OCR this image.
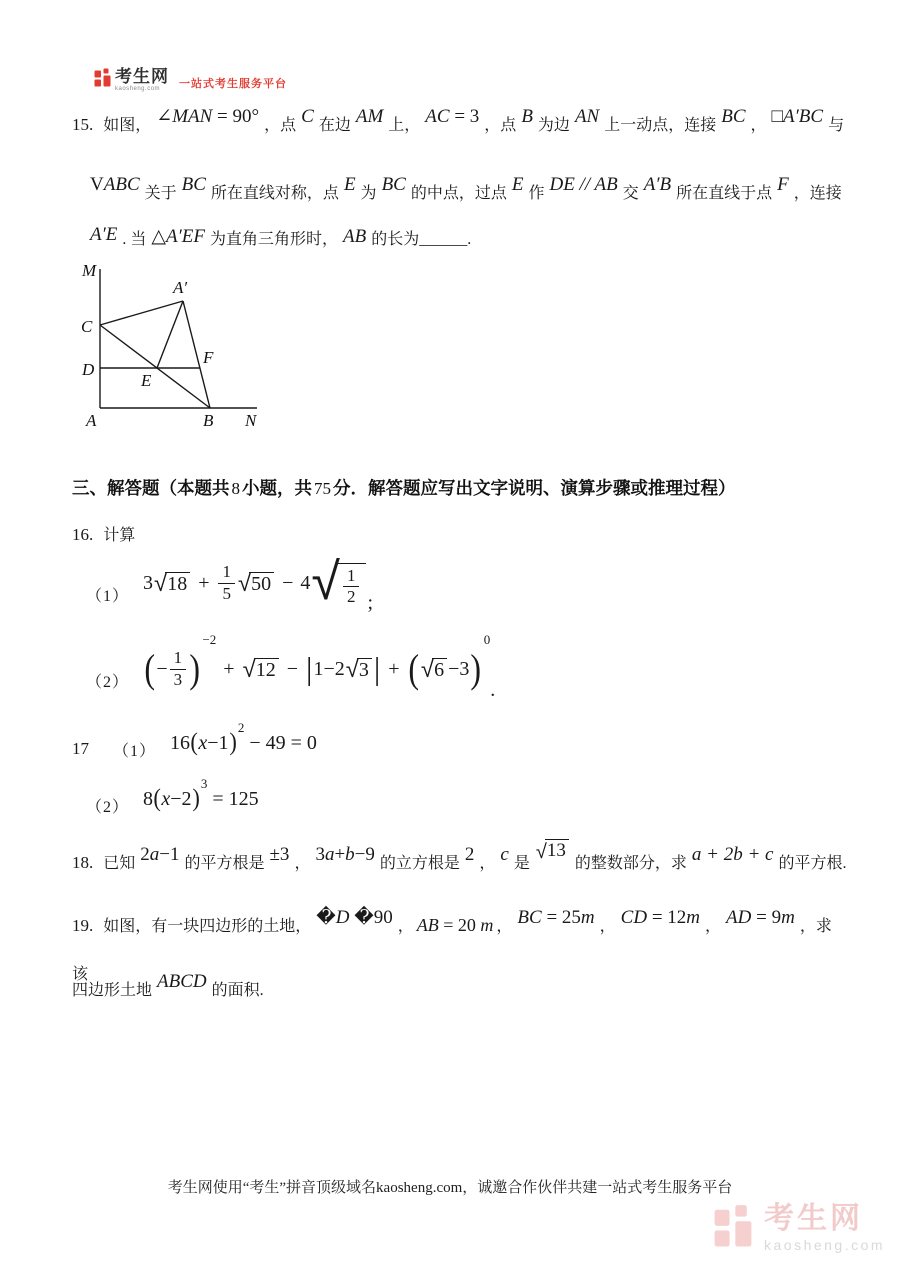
考生网
kaosheng.com	一站式考生服务平台
15. 如图， ∠MAN = 90° ，点 C 在边 AM 上， AC = 3 ，点 B 为边 AN 上一动点，连接 BC ， □A′BC 与
VABC 关于 BC 所在直线对称，点 E 为 BC 的中点，过点 E 作 DE // AB 交 A′B 所在直线于点 F ，连接
A′E . 当 △A′EF 为直角三角形时， AB 的长为______.
M
A′
C
D
E
F
A	B N
三、解答题（本题共 8 小题，共 75 分．解答题应写出文字说明、演算步骤或推理过程）
16. 计算
（1）
3 √ $18 + \frac{1}{5}$ √ 50 − 4 √ $\frac{1}{2}$ ;
（2） ( − $\frac{1}{3}$ )
−2
+ √ 12 − | 1−2 √ 3 | + ( √ 6 −3 )
0
.
17 （1） 16 ( x −1 )
2
− 49 = 0
（2） 8 ( x −2 )
3
= 125
18. 已知 2a−1 的平方根是 ±3 ， 3a+b−9 的立方根是 2 ， c 是
√ 13
的整数部分，求 a + 2b + c 的平方根.
19. 如图，有一块四边形的土地， �D �90 ， AB = 20 m ， BC = 25m ， CD = 12m ， AD = 9m ，求该
四边形土地 ABCD 的面积.
考生网使用“考生”拼音顶级域名kaosheng.com，诚邀合作伙伴共建一站式考生服务平台
考生网
kaosheng.com
